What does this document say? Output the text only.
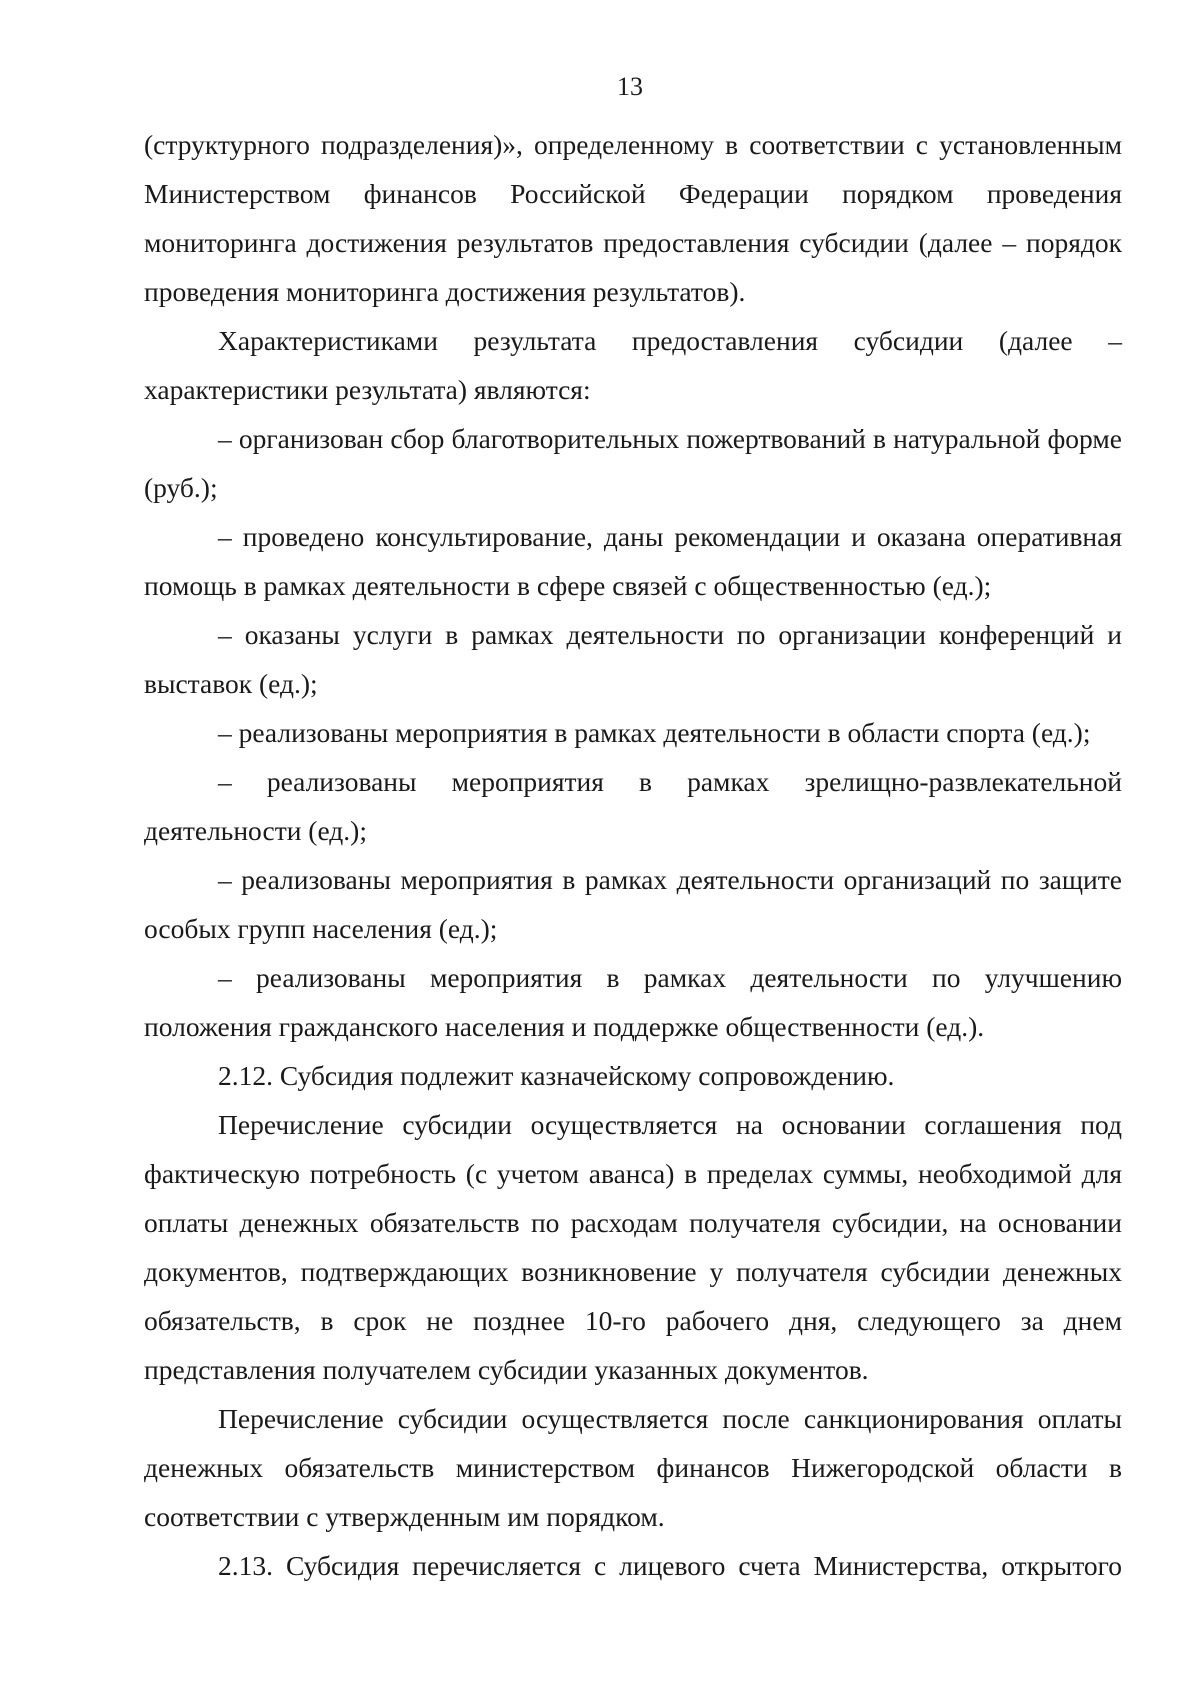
13

(структурного подразделения)», определенному в соответствии с установленным Министерством финансов Российской Федерации порядком проведения мониторинга достижения результатов предоставления субсидии (далее – порядок проведения мониторинга достижения результатов).

Характеристиками результата предоставления субсидии (далее – характеристики результата) являются:

– организован сбор благотворительных пожертвований в натуральной форме (руб.);

– проведено консультирование, даны рекомендации и оказана оперативная помощь в рамках деятельности в сфере связей с общественностью (ед.);

– оказаны услуги в рамках деятельности по организации конференций и выставок (ед.);

– реализованы мероприятия в рамках деятельности в области спорта (ед.);

– реализованы мероприятия в рамках зрелищно-развлекательной деятельности (ед.);

– реализованы мероприятия в рамках деятельности организаций по защите особых групп населения (ед.);

– реализованы мероприятия в рамках деятельности по улучшению положения гражданского населения и поддержке общественности (ед.).

2.12. Субсидия подлежит казначейскому сопровождению.

Перечисление субсидии осуществляется на основании соглашения под фактическую потребность (с учетом аванса) в пределах суммы, необходимой для оплаты денежных обязательств по расходам получателя субсидии, на основании документов, подтверждающих возникновение у получателя субсидии денежных обязательств, в срок не позднее 10-го рабочего дня, следующего за днем представления получателем субсидии указанных документов.

Перечисление субсидии осуществляется после санкционирования оплаты денежных обязательств министерством финансов Нижегородской области в соответствии с утвержденным им порядком.

2.13. Субсидия перечисляется с лицевого счета Министерства, открытого
